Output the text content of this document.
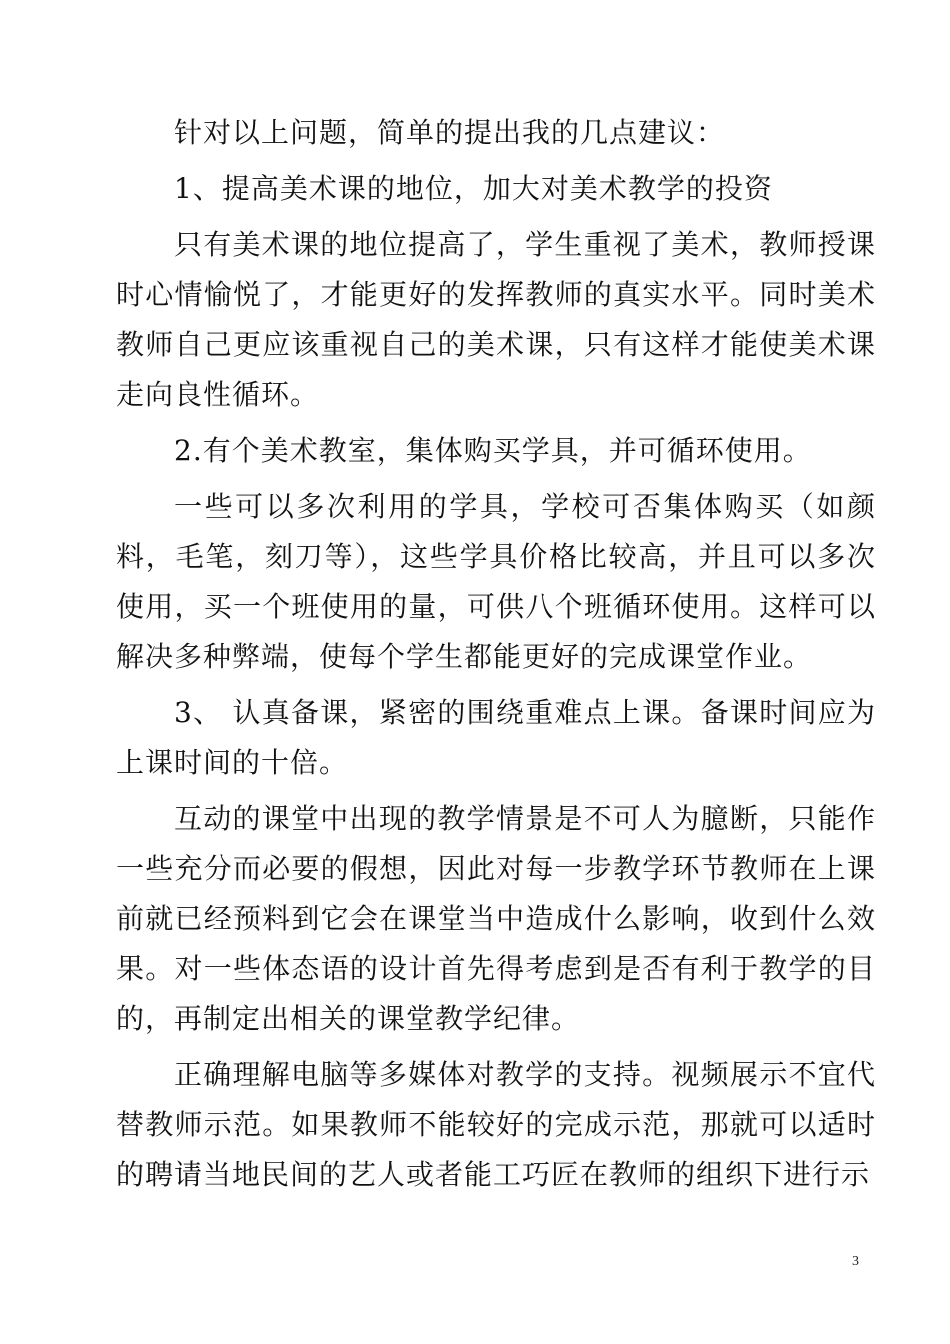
针对以上问题，简单的提出我的几点建议：

1、提高美术课的地位，加大对美术教学的投资

只有美术课的地位提高了，学生重视了美术，教师授课时心情愉悦了，才能更好的发挥教师的真实水平。同时美术教师自己更应该重视自己的美术课，只有这样才能使美术课走向良性循环。

2.有个美术教室，集体购买学具，并可循环使用。

一些可以多次利用的学具，学校可否集体购买（如颜料，毛笔，刻刀等），这些学具价格比较高，并且可以多次使用，买一个班使用的量，可供八个班循环使用。这样可以解决多种弊端，使每个学生都能更好的完成课堂作业。

3、 认真备课，紧密的围绕重难点上课。备课时间应为上课时间的十倍。

互动的课堂中出现的教学情景是不可人为臆断，只能作一些充分而必要的假想，因此对每一步教学环节教师在上课前就已经预料到它会在课堂当中造成什么影响，收到什么效果。对一些体态语的设计首先得考虑到是否有利于教学的目的，再制定出相关的课堂教学纪律。

正确理解电脑等多媒体对教学的支持。视频展示不宜代替教师示范。如果教师不能较好的完成示范，那就可以适时的聘请当地民间的艺人或者能工巧匠在教师的组织下进行示

3
